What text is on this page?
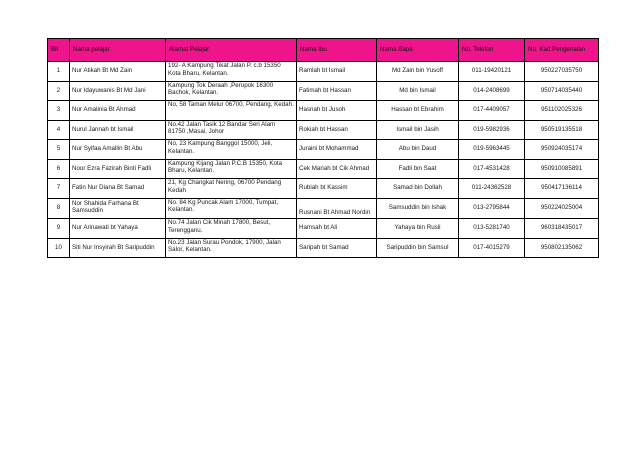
Bil	Nama pelajar	Alamat Pelajar	Nama Ibu	Nama Bapa	No. Telefon	No. Kad Pengenalan
1	Nur Atikah Bt Md Zain	192- A Kampung Tikat Jalan P. c.b 15350 Kota Bharu, Kelantan.	Ramlah bt Ismail	Md Zain bin Yusoff	011-19420121	950227035750
2	Nur Idayuwanis Bt Md Jani	Kampung Tok Deraah ,Perupok 16300 Bachok, Kelantan.	Fatimah bt Hassan	Md bin Ismail	014-2408699	950714035440
3	Nur Amalinia Bt Ahmad	No, 58 Taman Melur 06700, Pendang, Kedah.	Hasnah bt Jusoh	Hassan bt Ebrahim	017-4409057	951102025326
4	Nurul Jannah bt Ismail	No.42 Jalan Tasik 12 Bandar Seri Alam 81750 ,Masai, Johor	Rokiah bt Hassan	Ismail bin Jasih	019-5982936	950519135518
5	Nur Syifaa Amallin Bt Abu	No, 23 Kampung Banggol 15000, Jeli, Kelantan.	Juraini bt Mohammad	Abu bin Daud	019-5963445	950924035174
6	Noor Ezra Fazirah Binti Fadli	Kampung Kijang Jalan P.C.B 15350, Kota Bharu, Kelantan.	Cek Mariah bt Cik Ahmad	Fadli bin Saat	017-4531428	950910085891
7	Fatin Nur Diana Bt Samad	21, Kg Changkat Nering, 06700 Pendang Kedah	Rubiah bt Kassim	Samad bin Dollah	011-24362528	950417136114
8	Nor Shahida Farhana Bt Samsuddin	No. 84 Kg Puncak Alam 17000, Tumpat, Kelantan.	Rusnani Bt Ahmad Nordin	Samsuddin bin Ishak	013-2795844	950224025004
9	Nur Arinawati bt Yahaya	No.74 Jalan Cik Minah 17800, Besut, Terengganu.	Hamsah bt Ali	Yahaya bin Rusli	013-5281740	960318435017
10	Siti Nur Insyirah Bt Saripuddin	No.23 Jalan Surau Pondok, 17900, Jalan Salor, Kelantan.	Saripah bt Samad	Saripuddin bin Samsul	017-4015279	950802135062
